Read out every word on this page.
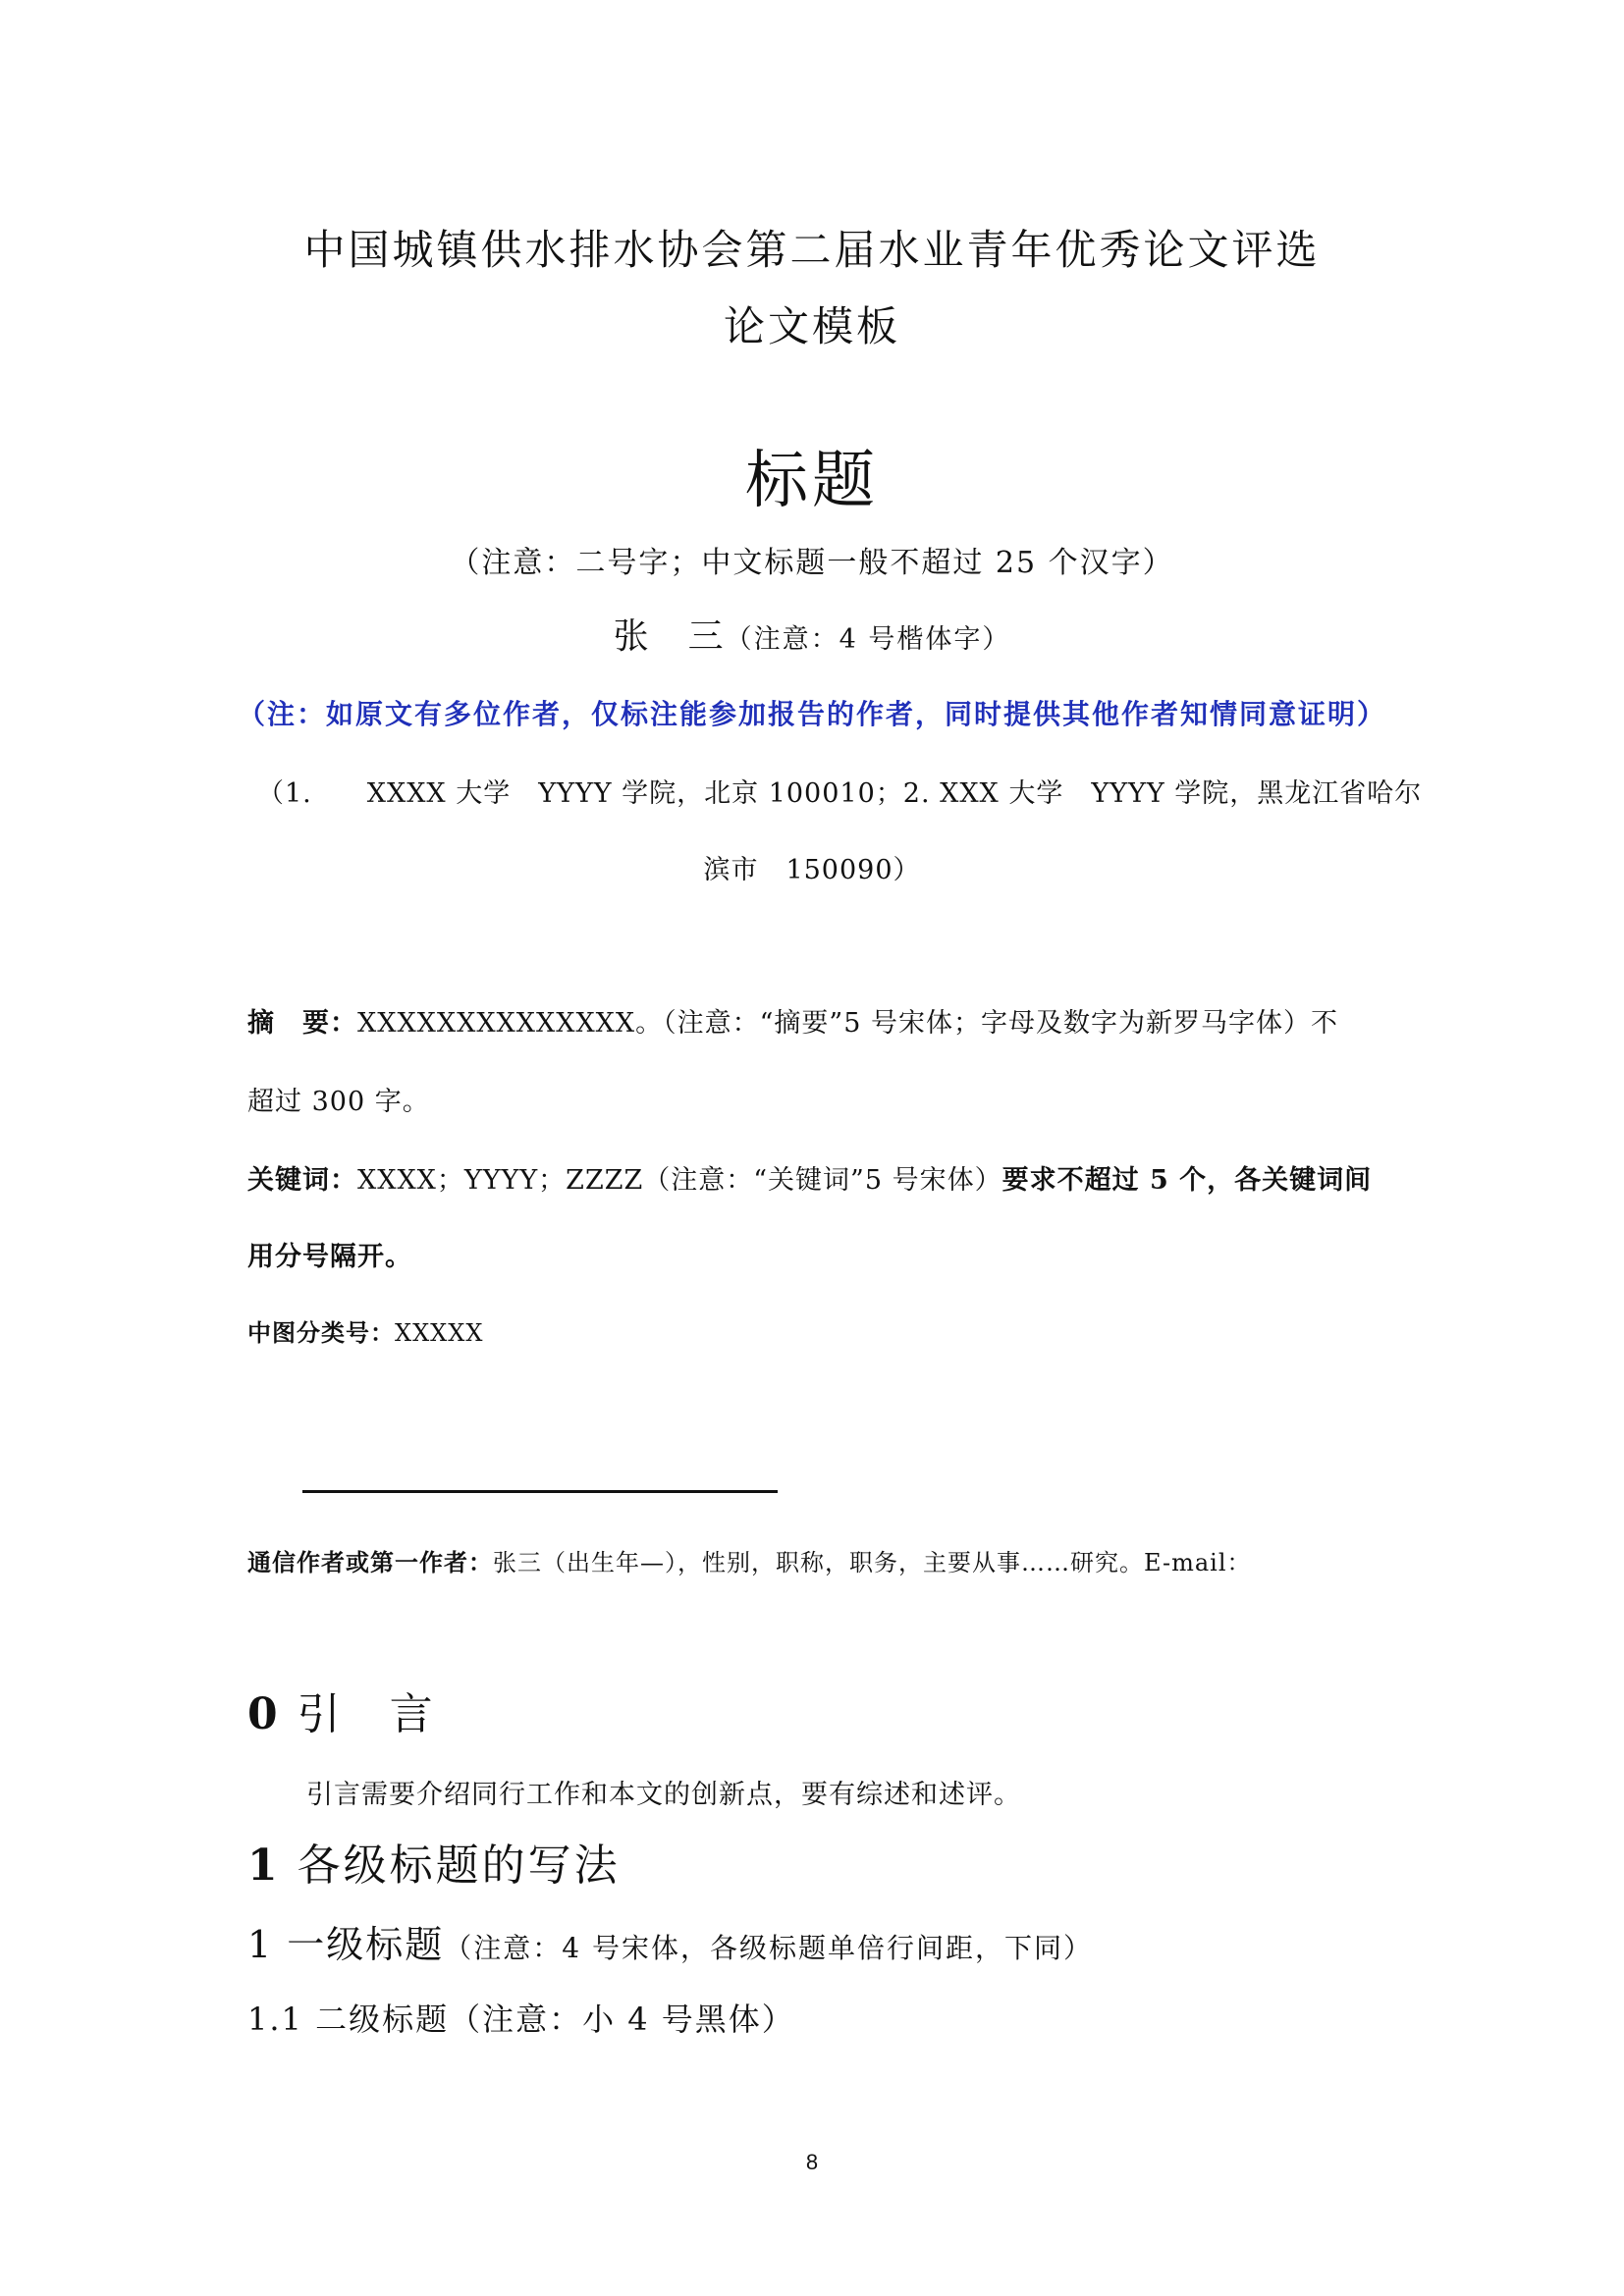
中国城镇供水排水协会第二届水业青年优秀论文评选
论文模板
标题
（注意：二号字；中文标题一般不超过 25 个汉字）
张　三（注意：4 号楷体字）
（注：如原文有多位作者，仅标注能参加报告的作者，同时提供其他作者知情同意证明）
（1.　　XXXX 大学　YYYY 学院，北京 100010；2. XXX 大学　YYYY 学院，黑龙江省哈尔
滨市　150090）
摘　要：XXXXXXXXXXXXXX。（注意：“摘要”5 号宋体；字母及数字为新罗马字体）不
超过 300 字。
关键词：XXXX；YYYY；ZZZZ（注意：“关键词”5 号宋体）要求不超过 5 个，各关键词间
用分号隔开。
中图分类号：XXXXX
通信作者或第一作者：张三（出生年—），性别，职称，职务，主要从事……研究。E-mail：
0 引　言
引言需要介绍同行工作和本文的创新点，要有综述和述评。
1 各级标题的写法
1 一级标题（注意：4 号宋体，各级标题单倍行间距，下同）
1.1 二级标题（注意：小 4 号黑体）
8
